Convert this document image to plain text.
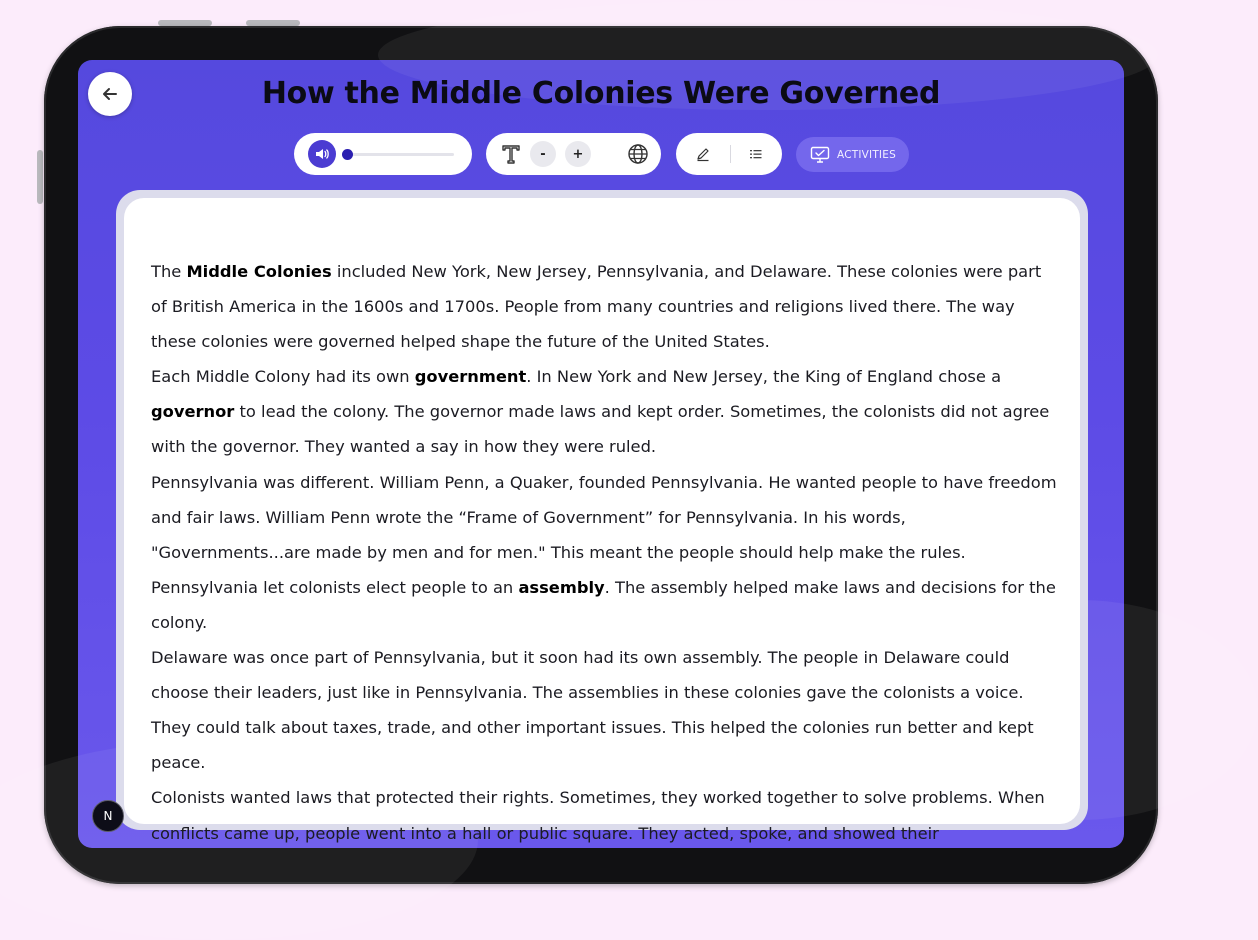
How the Middle Colonies Were Governed
-	+	ACTIVITIES

The Middle Colonies included New York, New Jersey, Pennsylvania, and Delaware. These colonies were part of British America in the 1600s and 1700s. People from many countries and religions lived there. The way these colonies were governed helped shape the future of the United States.

Each Middle Colony had its own government. In New York and New Jersey, the King of England chose a governor to lead the colony. The governor made laws and kept order. Sometimes, the colonists did not agree with the governor. They wanted a say in how they were ruled.

Pennsylvania was different. William Penn, a Quaker, founded Pennsylvania. He wanted people to have freedom and fair laws. William Penn wrote the “Frame of Government” for Pennsylvania. In his words, "Governments...are made by men and for men." This meant the people should help make the rules. Pennsylvania let colonists elect people to an assembly. The assembly helped make laws and decisions for the colony.

Delaware was once part of Pennsylvania, but it soon had its own assembly. The people in Delaware could choose their leaders, just like in Pennsylvania. The assemblies in these colonies gave the colonists a voice. They could talk about taxes, trade, and other important issues. This helped the colonies run better and kept peace.

Colonists wanted laws that protected their rights. Sometimes, they worked together to solve problems. When conflicts came up, people went into a hall or public square. They acted, spoke, and showed their

N
